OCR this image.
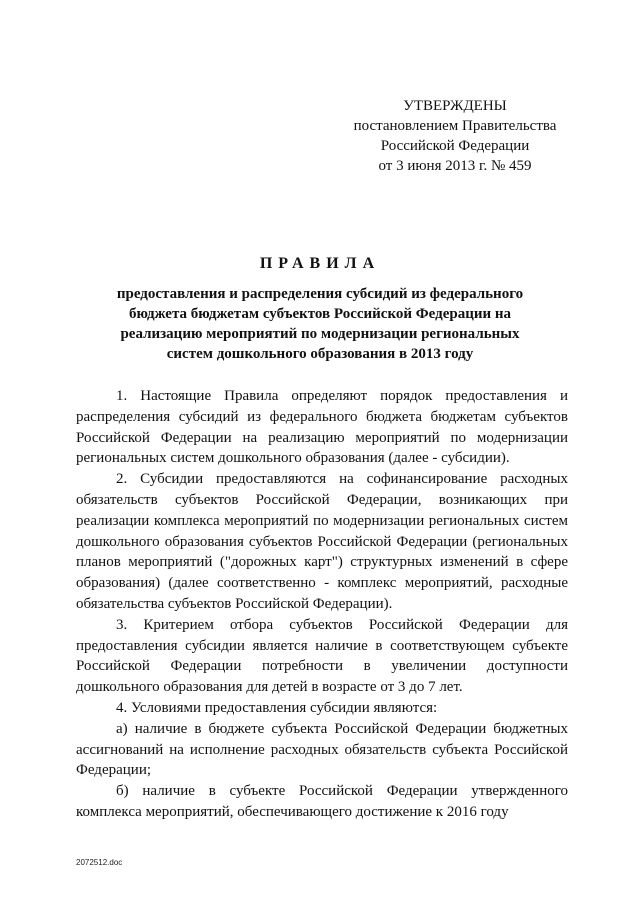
УТВЕРЖДЕНЫ
постановлением Правительства
Российской Федерации
от 3 июня 2013 г. № 459
ПРАВИЛА
предоставления и распределения субсидий из федерального
бюджета бюджетам субъектов Российской Федерации на
реализацию мероприятий по модернизации региональных
систем дошкольного образования в 2013 году

1. Настоящие Правила определяют порядок предоставления и распределения субсидий из федерального бюджета бюджетам субъектов Российской Федерации на реализацию мероприятий по модернизации региональных систем дошкольного образования (далее - субсидии).

2. Субсидии предоставляются на софинансирование расходных обязательств субъектов Российской Федерации, возникающих при реализации комплекса мероприятий по модернизации региональных систем дошкольного образования субъектов Российской Федерации (региональных планов мероприятий ("дорожных карт") структурных изменений в сфере образования) (далее соответственно - комплекс мероприятий, расходные обязательства субъектов Российской Федерации).

3. Критерием отбора субъектов Российской Федерации для предоставления субсидии является наличие в соответствующем субъекте Российской Федерации потребности в увеличении доступности дошкольного образования для детей в возрасте от 3 до 7 лет.

4. Условиями предоставления субсидии являются:

а) наличие в бюджете субъекта Российской Федерации бюджетных ассигнований на исполнение расходных обязательств субъекта Российской Федерации;

б) наличие в субъекте Российской Федерации утвержденного комплекса мероприятий, обеспечивающего достижение к 2016 году

2072512.doc
